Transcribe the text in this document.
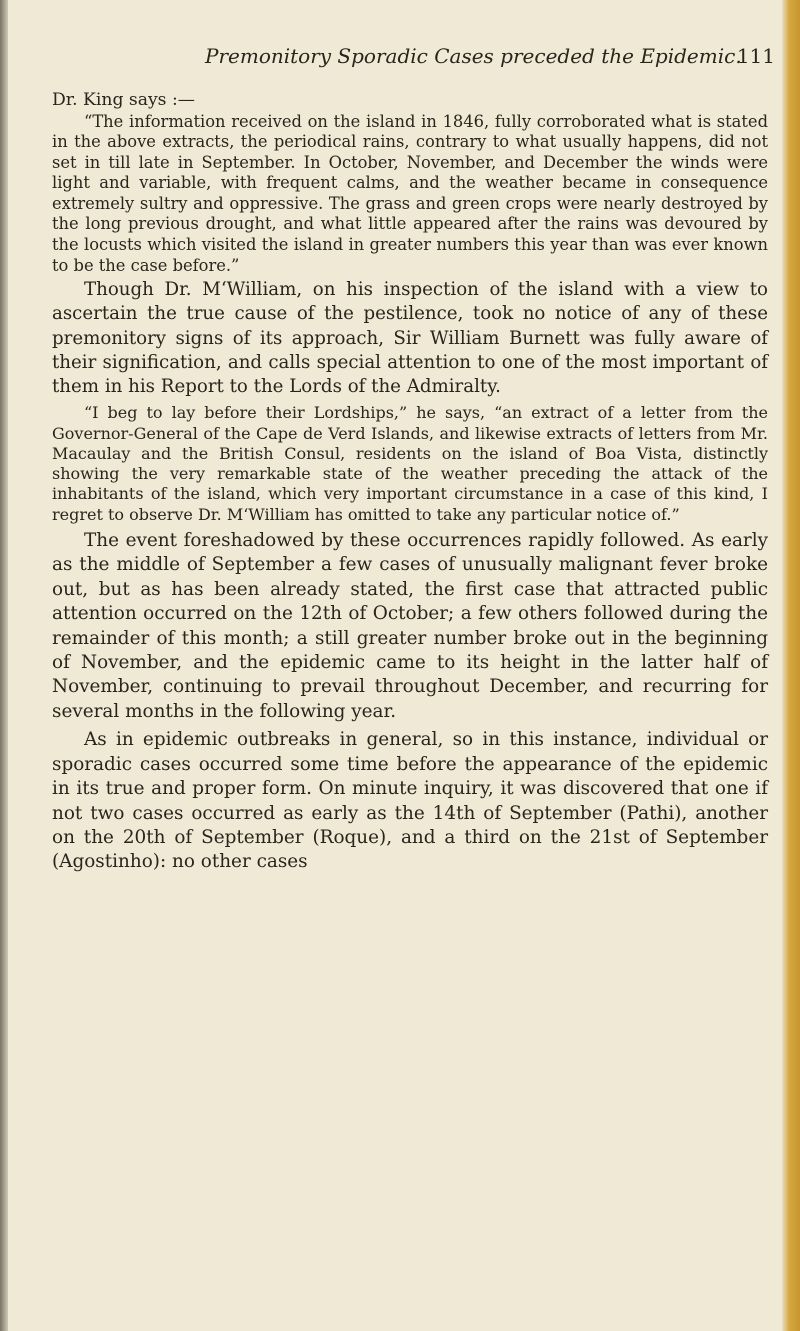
Premonitory Sporadic Cases preceded the Epidemic.
111

Dr. King says :—

“The information received on the island in 1846, fully corroborated what is stated in the above extracts, the periodical rains, contrary to what usually happens, did not set in till late in September. In October, November, and December the winds were light and variable, with frequent calms, and the weather became in consequence extremely sultry and oppressive. The grass and green crops were nearly destroyed by the long previous drought, and what little appeared after the rains was devoured by the locusts which visited the island in greater numbers this year than was ever known to be the case before.”

Though Dr. M‘William, on his inspection of the island with a view to ascertain the true cause of the pestilence, took no notice of any of these premonitory signs of its approach, Sir William Burnett was fully aware of their signification, and calls special attention to one of the most important of them in his Report to the Lords of the Admiralty.

“I beg to lay before their Lordships,” he says, “an extract of a letter from the Governor-General of the Cape de Verd Islands, and likewise extracts of letters from Mr. Macaulay and the British Consul, residents on the island of Boa Vista, distinctly showing the very remarkable state of the weather preceding the attack of the inhabitants of the island, which very important circumstance in a case of this kind, I regret to observe Dr. M‘William has omitted to take any particular notice of.”

The event foreshadowed by these occurrences rapidly followed. As early as the middle of September a few cases of unusually malignant fever broke out, but as has been already stated, the first case that attracted public attention occurred on the 12th of October; a few others followed during the remainder of this month; a still greater number broke out in the beginning of November, and the epidemic came to its height in the latter half of November, continuing to prevail throughout December, and recurring for several months in the following year.

As in epidemic outbreaks in general, so in this instance, individual or sporadic cases occurred some time before the appearance of the epidemic in its true and proper form. On minute inquiry, it was discovered that one if not two cases occurred as early as the 14th of September (Pathi), another on the 20th of September (Roque), and a third on the 21st of September (Agostinho): no other cases
